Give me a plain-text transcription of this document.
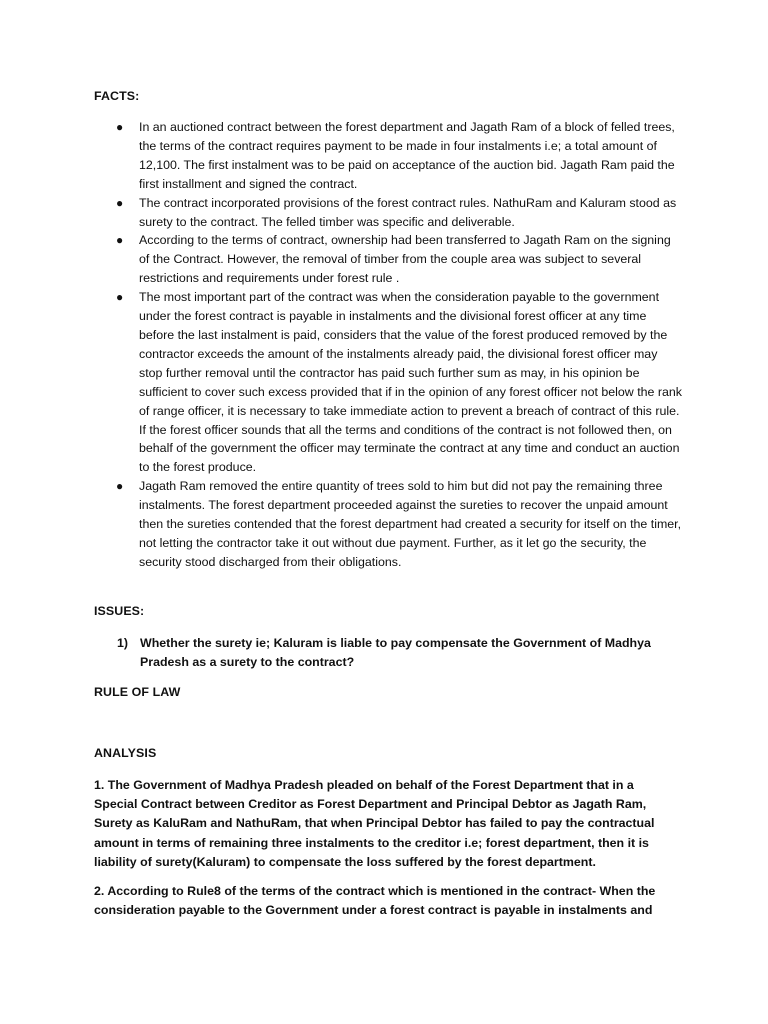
FACTS:
● In an auctioned contract between the forest department and Jagath Ram of a block of felled trees, the terms of the contract requires payment to be made in four instalments i.e; a total amount of 12,100. The first instalment was to be paid on acceptance of the auction bid. Jagath Ram paid the first installment and signed the contract.
● The contract incorporated provisions of the forest contract rules. NathuRam and Kaluram stood as surety to the contract. The felled timber was specific and deliverable.
● According to the terms of contract, ownership had been transferred to Jagath Ram on the signing of the Contract. However, the removal of timber from the couple area was subject to several restrictions and requirements under forest rule .
● The most important part of the contract was when the consideration payable to the government under the forest contract is payable in instalments and the divisional forest officer at any time before the last instalment is paid, considers that the value of the forest produced removed by the contractor exceeds the amount of the instalments already paid, the divisional forest officer may stop further removal until the contractor has paid such further sum as may, in his opinion be sufficient to cover such excess provided that if in the opinion of any forest officer not below the rank of range officer, it is necessary to take immediate action to prevent a breach of contract of this rule. If the forest officer sounds that all the terms and conditions of the contract is not followed then, on behalf of the government the officer may terminate the contract at any time and conduct an auction to the forest produce.
● Jagath Ram removed the entire quantity of trees sold to him but did not pay the remaining three instalments. The forest department proceeded against the sureties to recover the unpaid amount then the sureties contended that the forest department had created a security for itself on the timer, not letting the contractor take it out without due payment. Further, as it let go the security, the security stood discharged from their obligations.
ISSUES:
1) Whether the surety ie; Kaluram is liable to pay compensate the Government of Madhya Pradesh as a surety to the contract?
RULE OF LAW
ANALYSIS

1. The Government of Madhya Pradesh pleaded on behalf of the Forest Department that in a Special Contract between Creditor as Forest Department and Principal Debtor as Jagath Ram, Surety as KaluRam and NathuRam, that when Principal Debtor has failed to pay the contractual amount in terms of remaining three instalments to the creditor i.e; forest department, then it is liability of surety(Kaluram) to compensate the loss suffered by the forest department.

2. According to Rule8 of the terms of the contract which is mentioned in the contract- When the consideration payable to the Government under a forest contract is payable in instalments and
